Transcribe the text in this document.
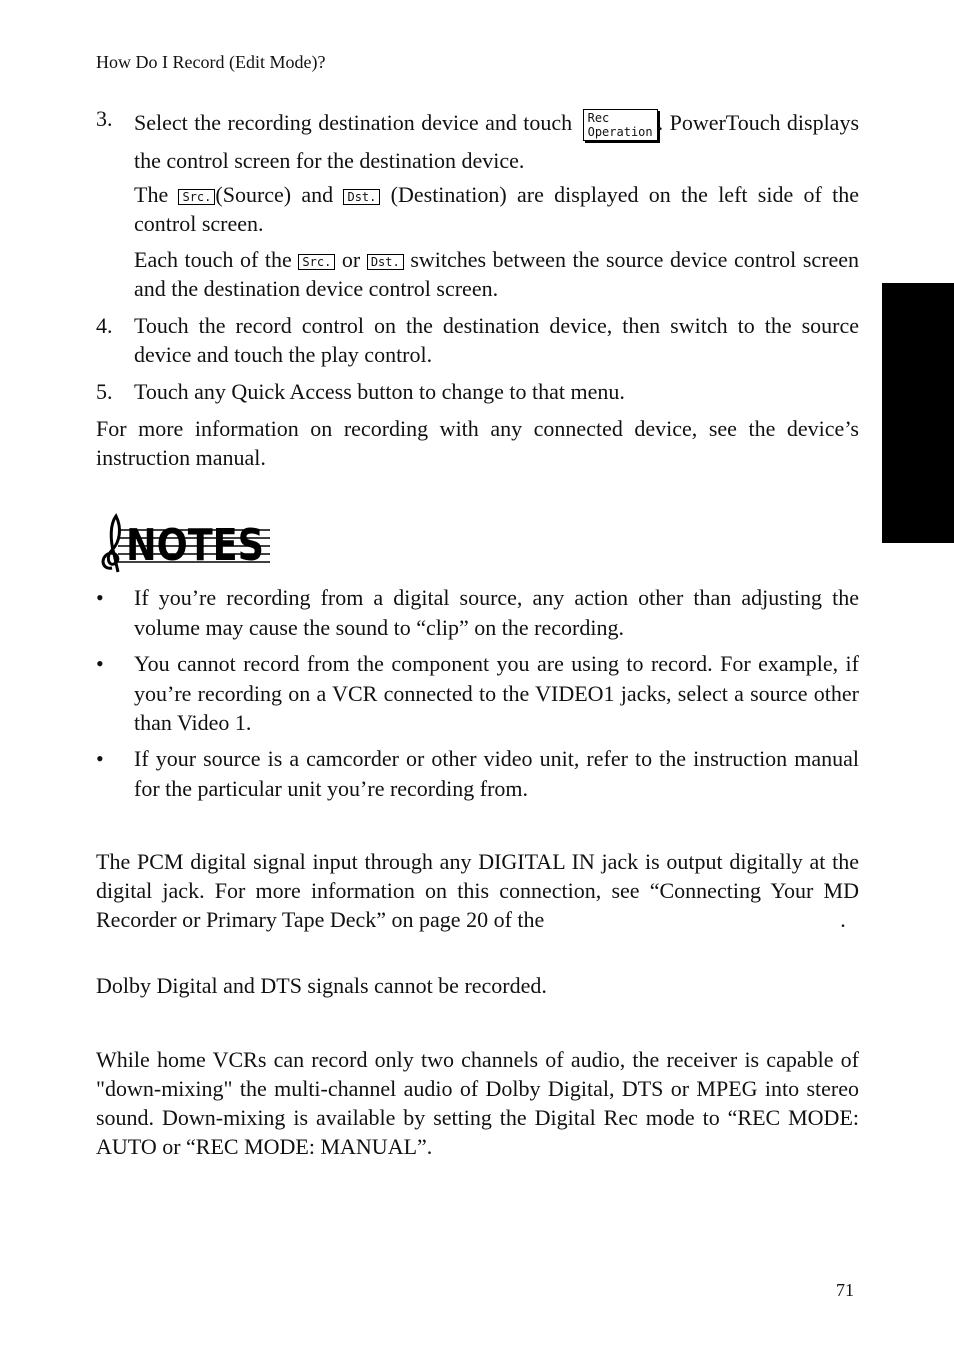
How Do I Record (Edit Mode)?
3. Select the recording destination device and touch Rec
Operation . PowerTouch displays the control screen for the destination device.
The Src. (Source) and Dst. (Destination) are displayed on the left side of the control screen.
Each touch of the Src. or Dst. switches between the source device control screen and the destination device control screen.
4. Touch the record control on the destination device, then switch to the source device and touch the play control.
5. Touch any Quick Access button to change to that menu.
For more information on recording with any connected device, see the device’s instruction manual.
NOTES
• If you’re recording from a digital source, any action other than adjusting the volume may cause the sound to “clip” on the recording.
• You cannot record from the component you are using to record. For example, if you’re recording on a VCR connected to the VIDEO1 jacks, select a source other than Video 1.
• If your source is a camcorder or other video unit, refer to the instruction manual for the particular unit you’re recording from.
The PCM digital signal input through any DIGITAL IN jack is output digitally at the digital jack. For more information on this connection, see “Connecting Your MD Recorder or Primary Tape Deck” on page 20 of the	.
Dolby Digital and DTS signals cannot be recorded.
While home VCRs can record only two channels of audio, the receiver is capable of "down-mixing" the multi-channel audio of Dolby Digital, DTS or MPEG into stereo sound. Down-mixing is available by setting the Digital Rec mode to “REC MODE: AUTO or “REC MODE: MANUAL”.
71
